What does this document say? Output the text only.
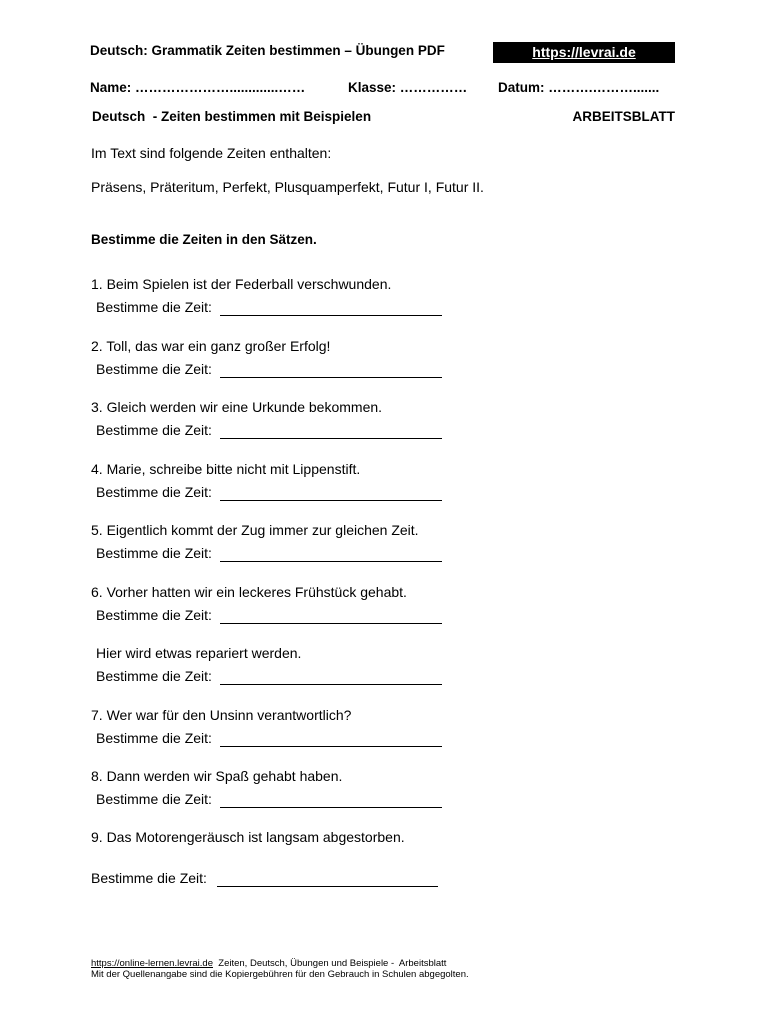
Deutsch: Grammatik Zeiten bestimmen – Übungen PDF	https://levrai.de
Name: ………………….............……	Klasse: …………… Datum: ……….……….......
Deutsch  - Zeiten bestimmen mit Beispielen	ARBEITSBLATT
Im Text sind folgende Zeiten enthalten:
Präsens, Präteritum, Perfekt, Plusquamperfekt, Futur I, Futur II.
Bestimme die Zeiten in den Sätzen.
1. Beim Spielen ist der Federball verschwunden.
Bestimme die Zeit:
2. Toll, das war ein ganz großer Erfolg!
Bestimme die Zeit:
3. Gleich werden wir eine Urkunde bekommen.
Bestimme die Zeit:
4. Marie, schreibe bitte nicht mit Lippenstift.
Bestimme die Zeit:
5. Eigentlich kommt der Zug immer zur gleichen Zeit.
Bestimme die Zeit:
6. Vorher hatten wir ein leckeres Frühstück gehabt.
Bestimme die Zeit:
Hier wird etwas repariert werden.
Bestimme die Zeit:
7. Wer war für den Unsinn verantwortlich?
Bestimme die Zeit:
8. Dann werden wir Spaß gehabt haben.
Bestimme die Zeit:
9. Das Motorengeräusch ist langsam abgestorben.
Bestimme die Zeit:
https://online-lernen.levrai.de  Zeiten, Deutsch, Übungen und Beispiele -  Arbeitsblatt
Mit der Quellenangabe sind die Kopiergebühren für den Gebrauch in Schulen abgegolten.
